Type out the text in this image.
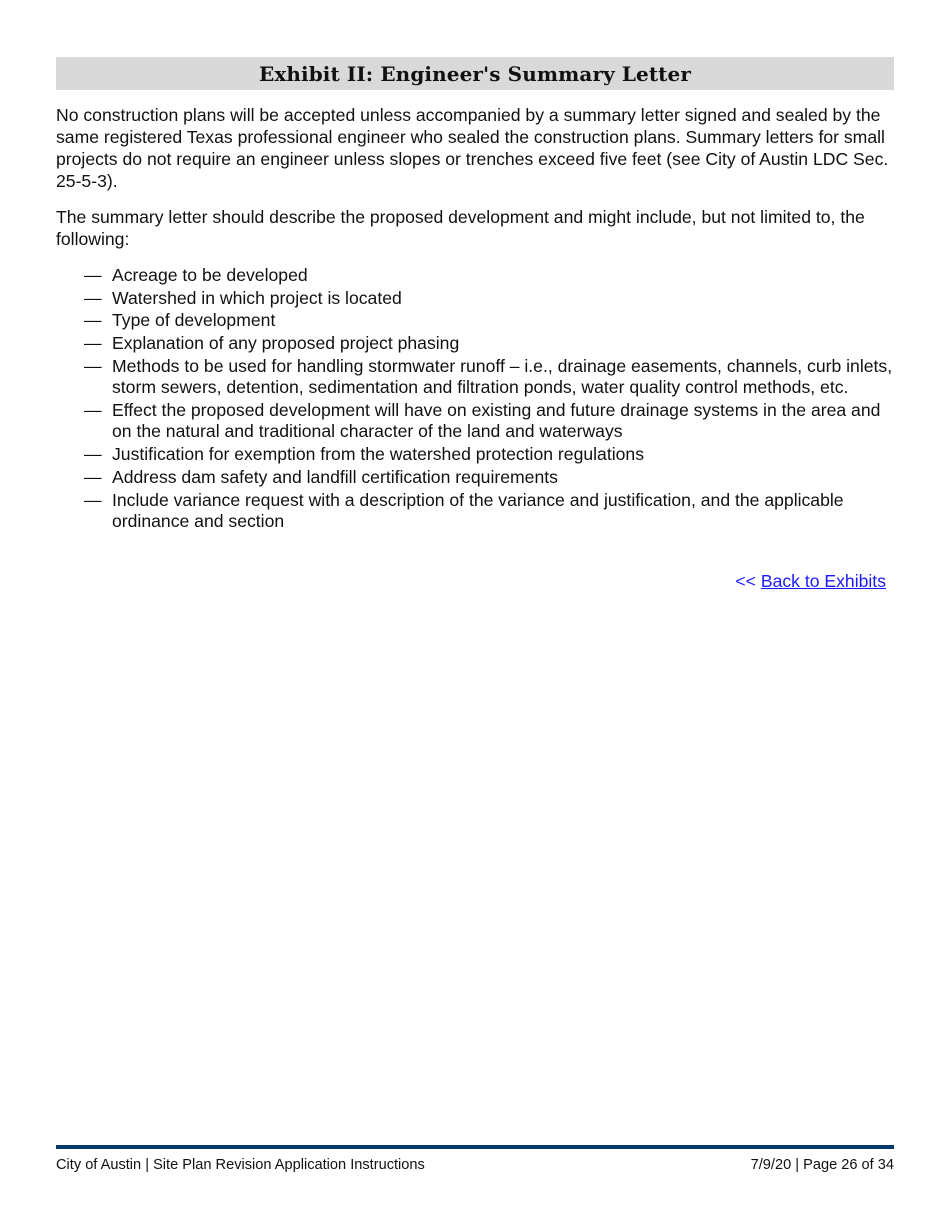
Exhibit II: Engineer's Summary Letter

No construction plans will be accepted unless accompanied by a summary letter signed and sealed by the same registered Texas professional engineer who sealed the construction plans. Summary letters for small projects do not require an engineer unless slopes or trenches exceed five feet (see City of Austin LDC Sec. 25-5-3).

The summary letter should describe the proposed development and might include, but not limited to, the following:

— Acreage to be developed
— Watershed in which project is located
— Type of development
— Explanation of any proposed project phasing
— Methods to be used for handling stormwater runoff – i.e., drainage easements, channels, curb inlets, storm sewers, detention, sedimentation and filtration ponds, water quality control methods, etc.
— Effect the proposed development will have on existing and future drainage systems in the area and on the natural and traditional character of the land and waterways
— Justification for exemption from the watershed protection regulations
— Address dam safety and landfill certification requirements
— Include variance request with a description of the variance and justification, and the applicable ordinance and section
<< Back to Exhibits
City of Austin | Site Plan Revision Application Instructions	7/9/20 | Page 26 of 34
